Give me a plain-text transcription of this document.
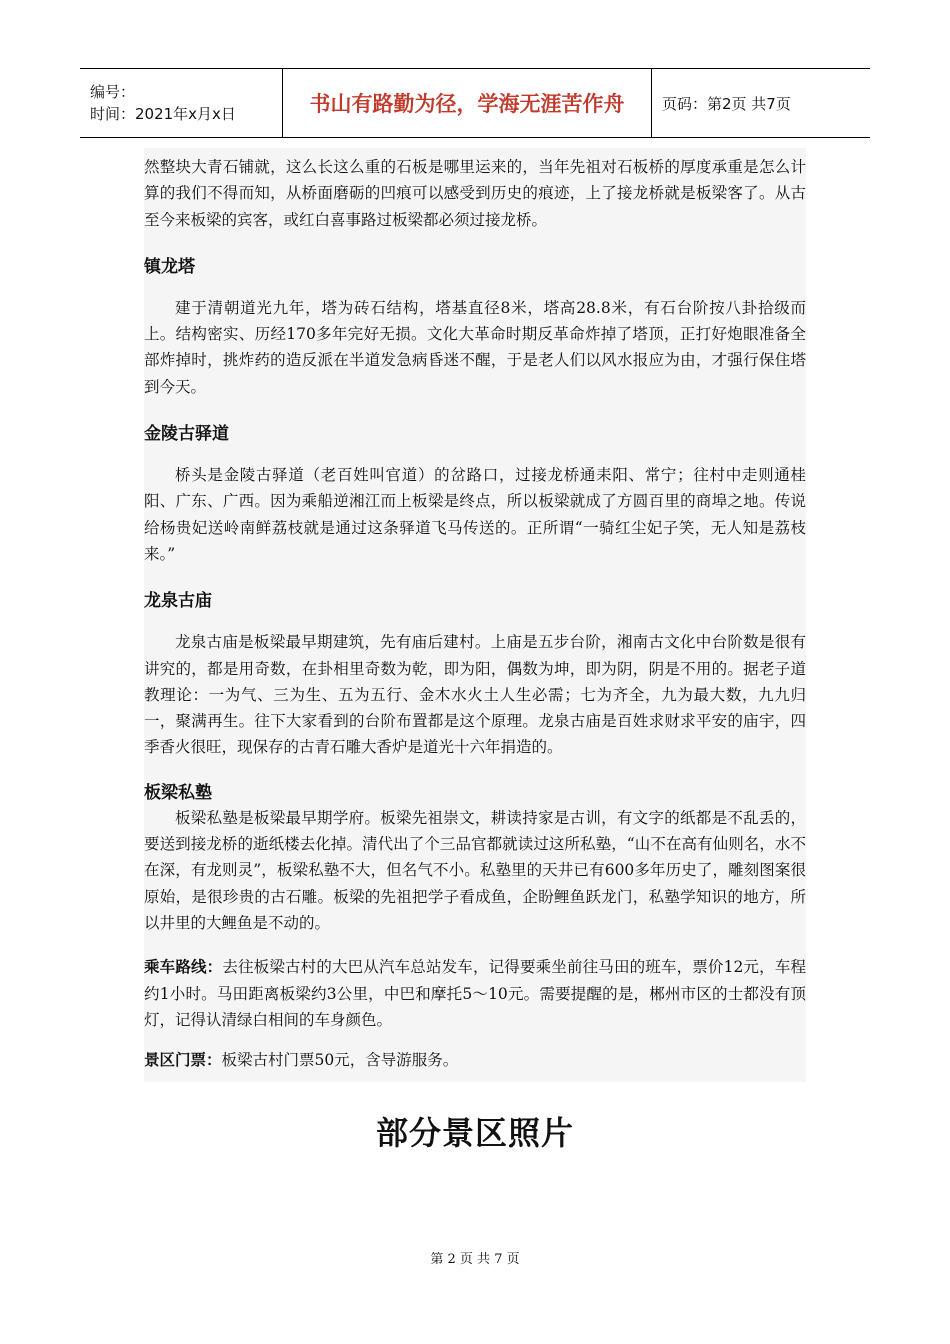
编号：
时间：2021年x月x日	书山有路勤为径，学海无涯苦作舟	页码：第2页 共7页

然整块大青石铺就，这么长这么重的石板是哪里运来的，当年先祖对石板桥的厚度承重是怎么计算的我们不得而知，从桥面磨砺的凹痕可以感受到历史的痕迹，上了接龙桥就是板梁客了。从古至今来板梁的宾客，或红白喜事路过板梁都必须过接龙桥。

镇龙塔

建于清朝道光九年，塔为砖石结构，塔基直径8米，塔高28.8米，有石台阶按八卦拾级而上。结构密实、历经170多年完好无损。文化大革命时期反革命炸掉了塔顶，正打好炮眼准备全部炸掉时，挑炸药的造反派在半道发急病昏迷不醒，于是老人们以风水报应为由，才强行保住塔到今天。

金陵古驿道

桥头是金陵古驿道（老百姓叫官道）的岔路口，过接龙桥通耒阳、常宁；往村中走则通桂阳、广东、广西。因为乘船逆湘江而上板梁是终点，所以板梁就成了方圆百里的商埠之地。传说给杨贵妃送岭南鲜荔枝就是通过这条驿道飞马传送的。正所谓“一骑红尘妃子笑，无人知是荔枝来。”

龙泉古庙

龙泉古庙是板梁最早期建筑，先有庙后建村。上庙是五步台阶，湘南古文化中台阶数是很有讲究的，都是用奇数，在卦相里奇数为乾，即为阳，偶数为坤，即为阴，阴是不用的。据老子道教理论：一为气、三为生、五为五行、金木水火土人生必需；七为齐全，九为最大数，九九归一，聚满再生。往下大家看到的台阶布置都是这个原理。龙泉古庙是百姓求财求平安的庙宇，四季香火很旺，现保存的古青石雕大香炉是道光十六年捐造的。

板梁私塾

板梁私塾是板梁最早期学府。板梁先祖崇文，耕读持家是古训，有文字的纸都是不乱丢的，要送到接龙桥的逝纸楼去化掉。清代出了个三品官都就读过这所私塾，“山不在高有仙则名，水不在深，有龙则灵”，板梁私塾不大，但名气不小。私塾里的天井已有600多年历史了，雕刻图案很原始，是很珍贵的古石雕。板梁的先祖把学子看成鱼，企盼鲤鱼跃龙门，私塾学知识的地方，所以井里的大鲤鱼是不动的。

乘车路线：去往板梁古村的大巴从汽车总站发车，记得要乘坐前往马田的班车，票价12元，车程约1小时。马田距离板梁约3公里，中巴和摩托5～10元。需要提醒的是，郴州市区的士都没有顶灯，记得认清绿白相间的车身颜色。

景区门票：板梁古村门票50元，含导游服务。

部分景区照片
第 2 页 共 7 页
